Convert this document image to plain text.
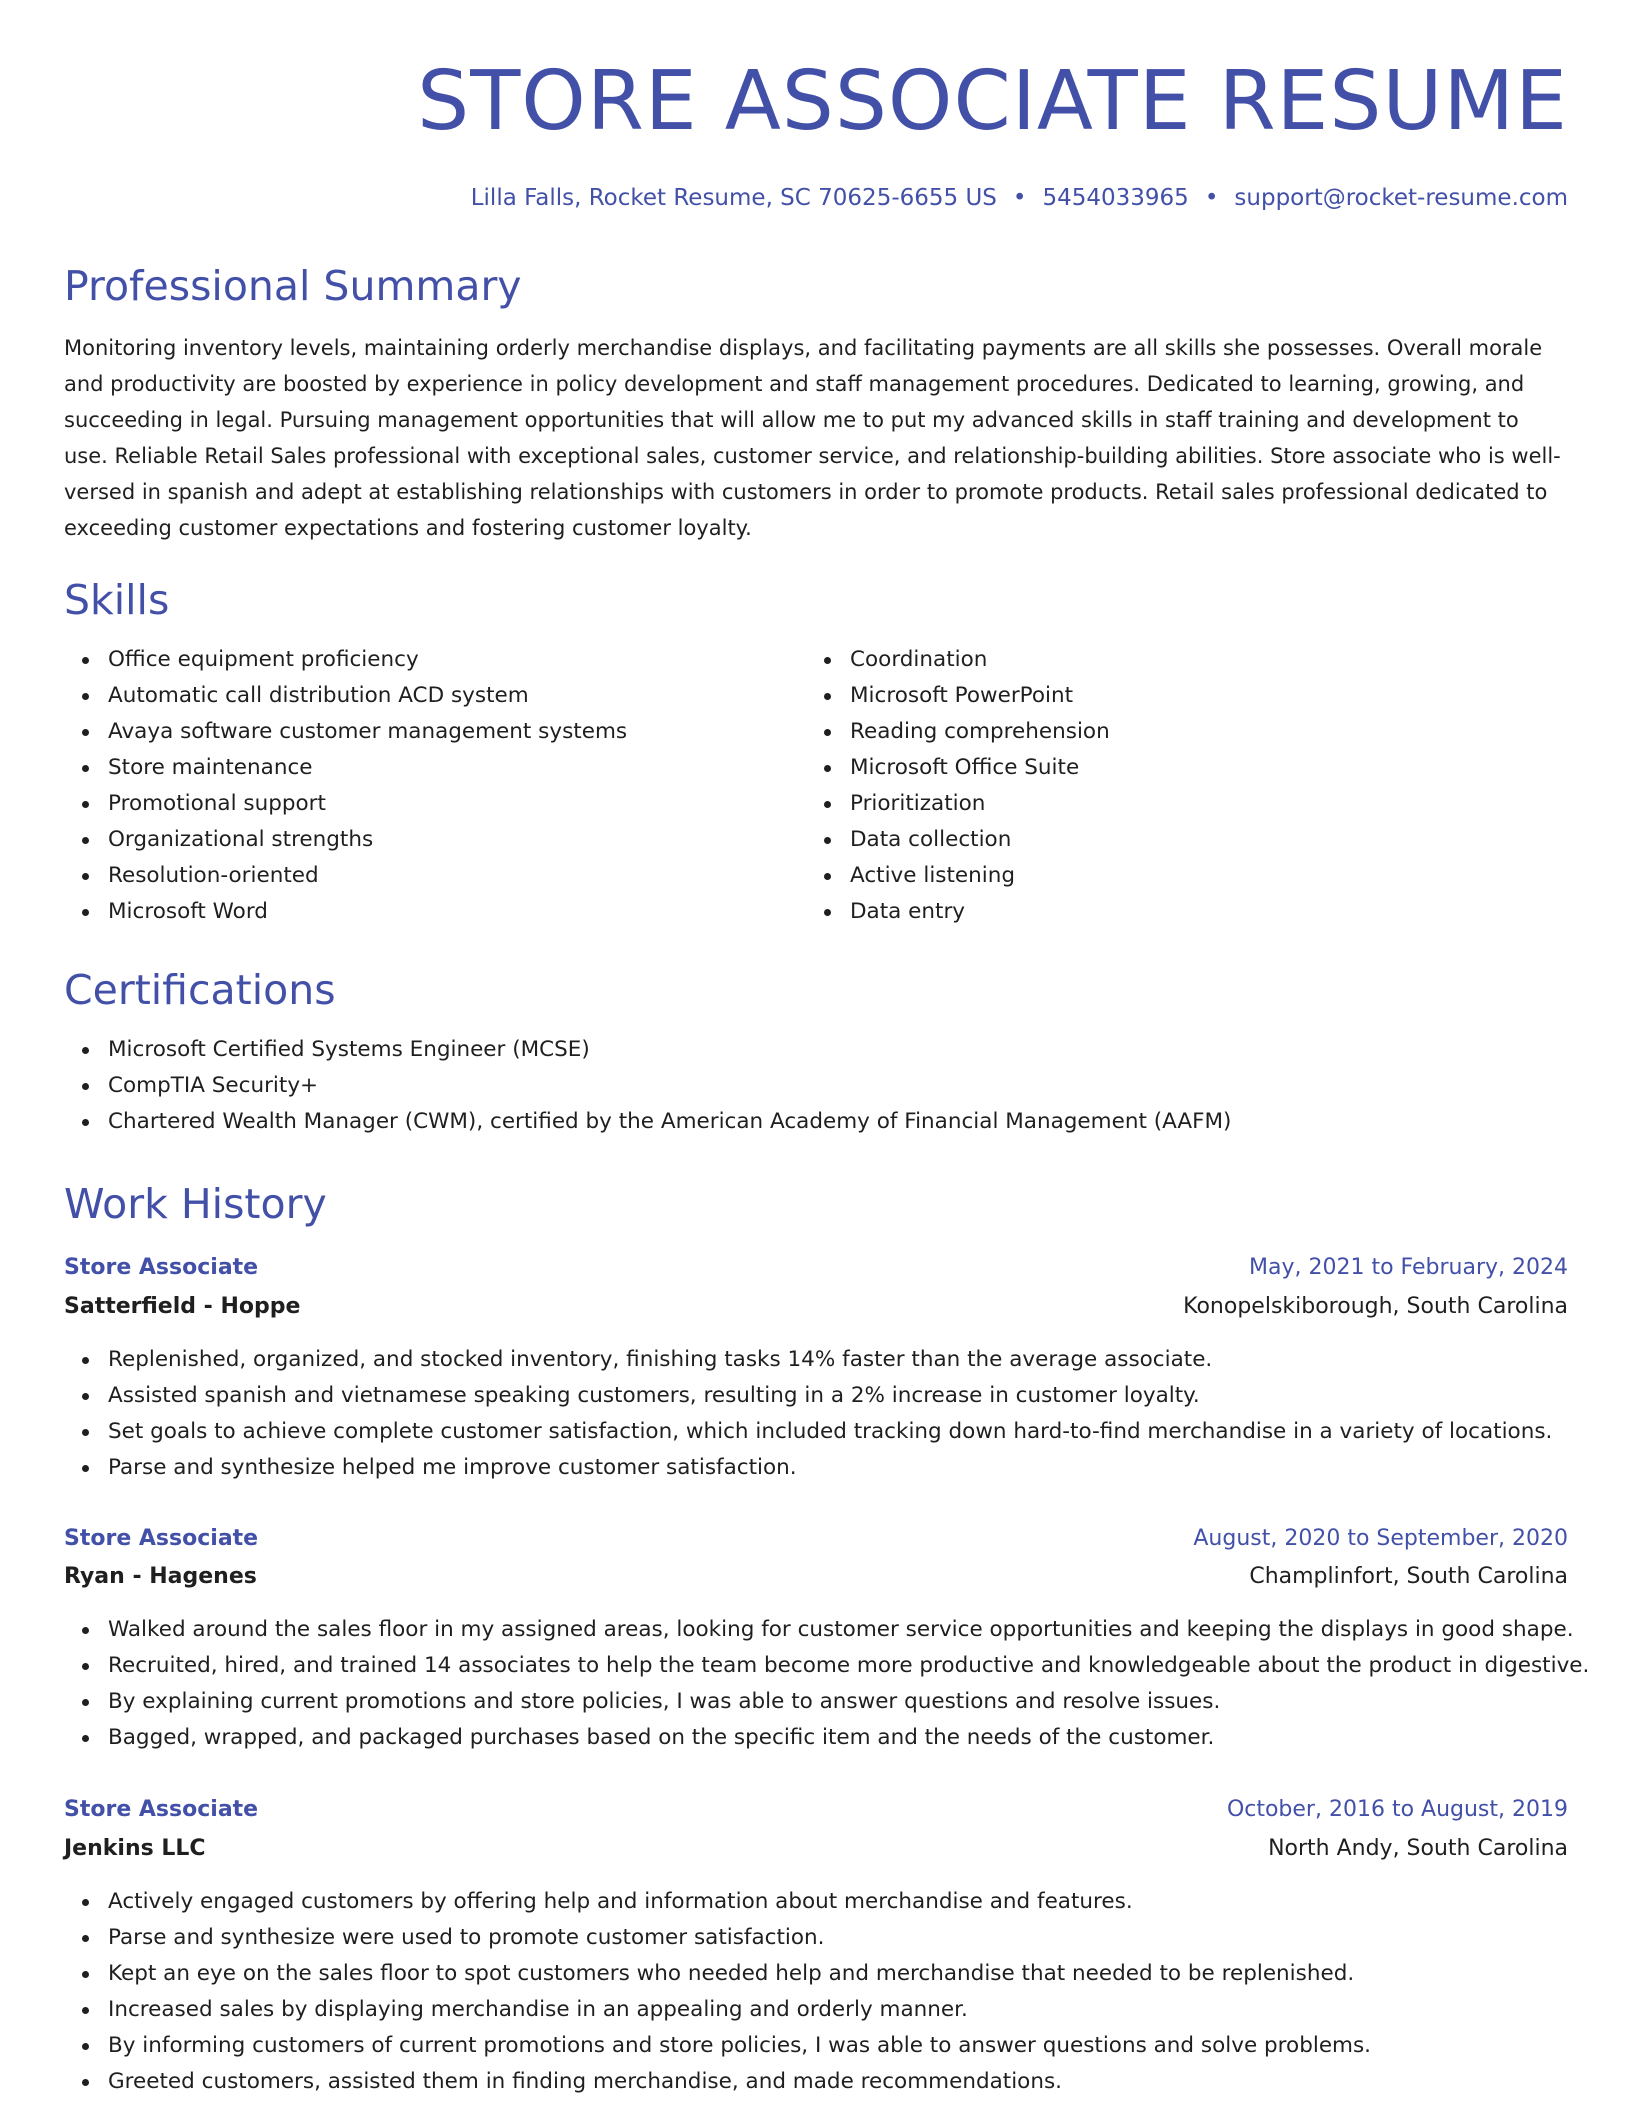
STORE ASSOCIATE RESUME
Lilla Falls, Rocket Resume, SC 70625-6655 US • 5454033965 • support@rocket-resume.com
Professional Summary

Monitoring inventory levels, maintaining orderly merchandise displays, and facilitating payments are all skills she possesses. Overall morale and productivity are boosted by experience in policy development and staff management procedures. Dedicated to learning, growing, and succeeding in legal. Pursuing management opportunities that will allow me to put my advanced skills in staff training and development to use. Reliable Retail Sales professional with exceptional sales, customer service, and relationship-building abilities. Store associate who is well-versed in spanish and adept at establishing relationships with customers in order to promote products. Retail sales professional dedicated to exceeding customer expectations and fostering customer loyalty.

Skills
Office equipment proficiency
Automatic call distribution ACD system
Avaya software customer management systems
Store maintenance
Promotional support
Organizational strengths
Resolution-oriented
Microsoft Word
Coordination
Microsoft PowerPoint
Reading comprehension
Microsoft Office Suite
Prioritization
Data collection
Active listening
Data entry
Certifications
Microsoft Certified Systems Engineer (MCSE)
CompTIA Security+
Chartered Wealth Manager (CWM), certified by the American Academy of Financial Management (AAFM)
Work History
Store Associate	May, 2021 to February, 2024
Satterfield - Hoppe	Konopelskiborough, South Carolina
Replenished, organized, and stocked inventory, finishing tasks 14% faster than the average associate.
Assisted spanish and vietnamese speaking customers, resulting in a 2% increase in customer loyalty.
Set goals to achieve complete customer satisfaction, which included tracking down hard-to-find merchandise in a variety of locations.
Parse and synthesize helped me improve customer satisfaction.
Store Associate	August, 2020 to September, 2020
Ryan - Hagenes	Champlinfort, South Carolina
Walked around the sales floor in my assigned areas, looking for customer service opportunities and keeping the displays in good shape.
Recruited, hired, and trained 14 associates to help the team become more productive and knowledgeable about the product in digestive.
By explaining current promotions and store policies, I was able to answer questions and resolve issues.
Bagged, wrapped, and packaged purchases based on the specific item and the needs of the customer.
Store Associate	October, 2016 to August, 2019
Jenkins LLC	North Andy, South Carolina
Actively engaged customers by offering help and information about merchandise and features.
Parse and synthesize were used to promote customer satisfaction.
Kept an eye on the sales floor to spot customers who needed help and merchandise that needed to be replenished.
Increased sales by displaying merchandise in an appealing and orderly manner.
By informing customers of current promotions and store policies, I was able to answer questions and solve problems.
Greeted customers, assisted them in finding merchandise, and made recommendations.
